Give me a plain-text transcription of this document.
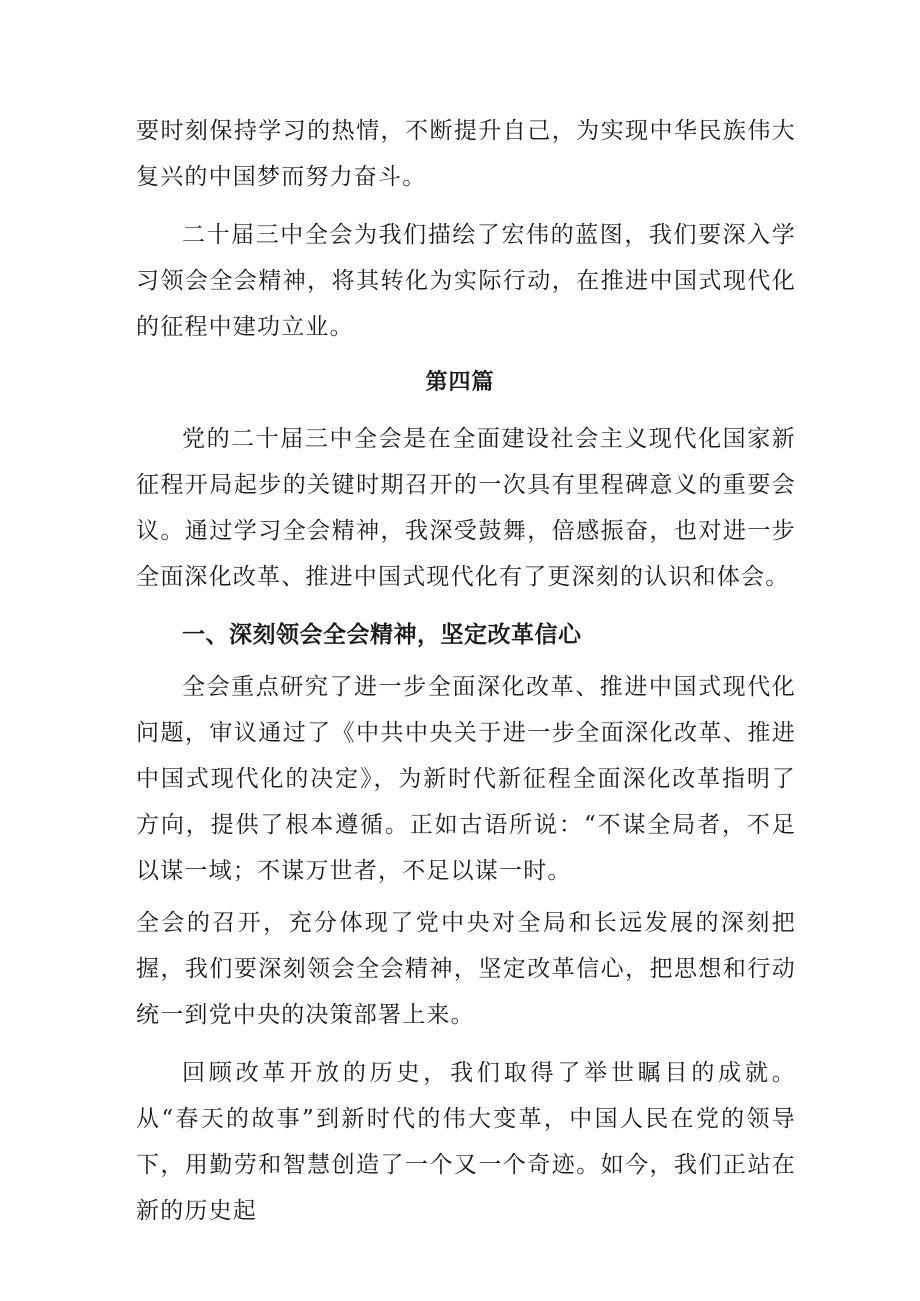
要时刻保持学习的热情，不断提升自己，为实现中华民族伟大复兴的中国梦而努力奋斗。

二十届三中全会为我们描绘了宏伟的蓝图，我们要深入学习领会全会精神，将其转化为实际行动，在推进中国式现代化的征程中建功立业。

第四篇

党的二十届三中全会是在全面建设社会主义现代化国家新征程开局起步的关键时期召开的一次具有里程碑意义的重要会议。通过学习全会精神，我深受鼓舞，倍感振奋，也对进一步全面深化改革、推进中国式现代化有了更深刻的认识和体会。

一、深刻领会全会精神，坚定改革信心

全会重点研究了进一步全面深化改革、推进中国式现代化问题，审议通过了《中共中央关于进一步全面深化改革、推进中国式现代化的决定》，为新时代新征程全面深化改革指明了方向，提供了根本遵循。正如古语所说：“不谋全局者，不足以谋一域；不谋万世者，不足以谋一时。

全会的召开，充分体现了党中央对全局和长远发展的深刻把握，我们要深刻领会全会精神，坚定改革信心，把思想和行动统一到党中央的决策部署上来。

回顾改革开放的历史，我们取得了举世瞩目的成就。从“春天的故事”到新时代的伟大变革，中国人民在党的领导下，用勤劳和智慧创造了一个又一个奇迹。如今，我们正站在新的历史起
